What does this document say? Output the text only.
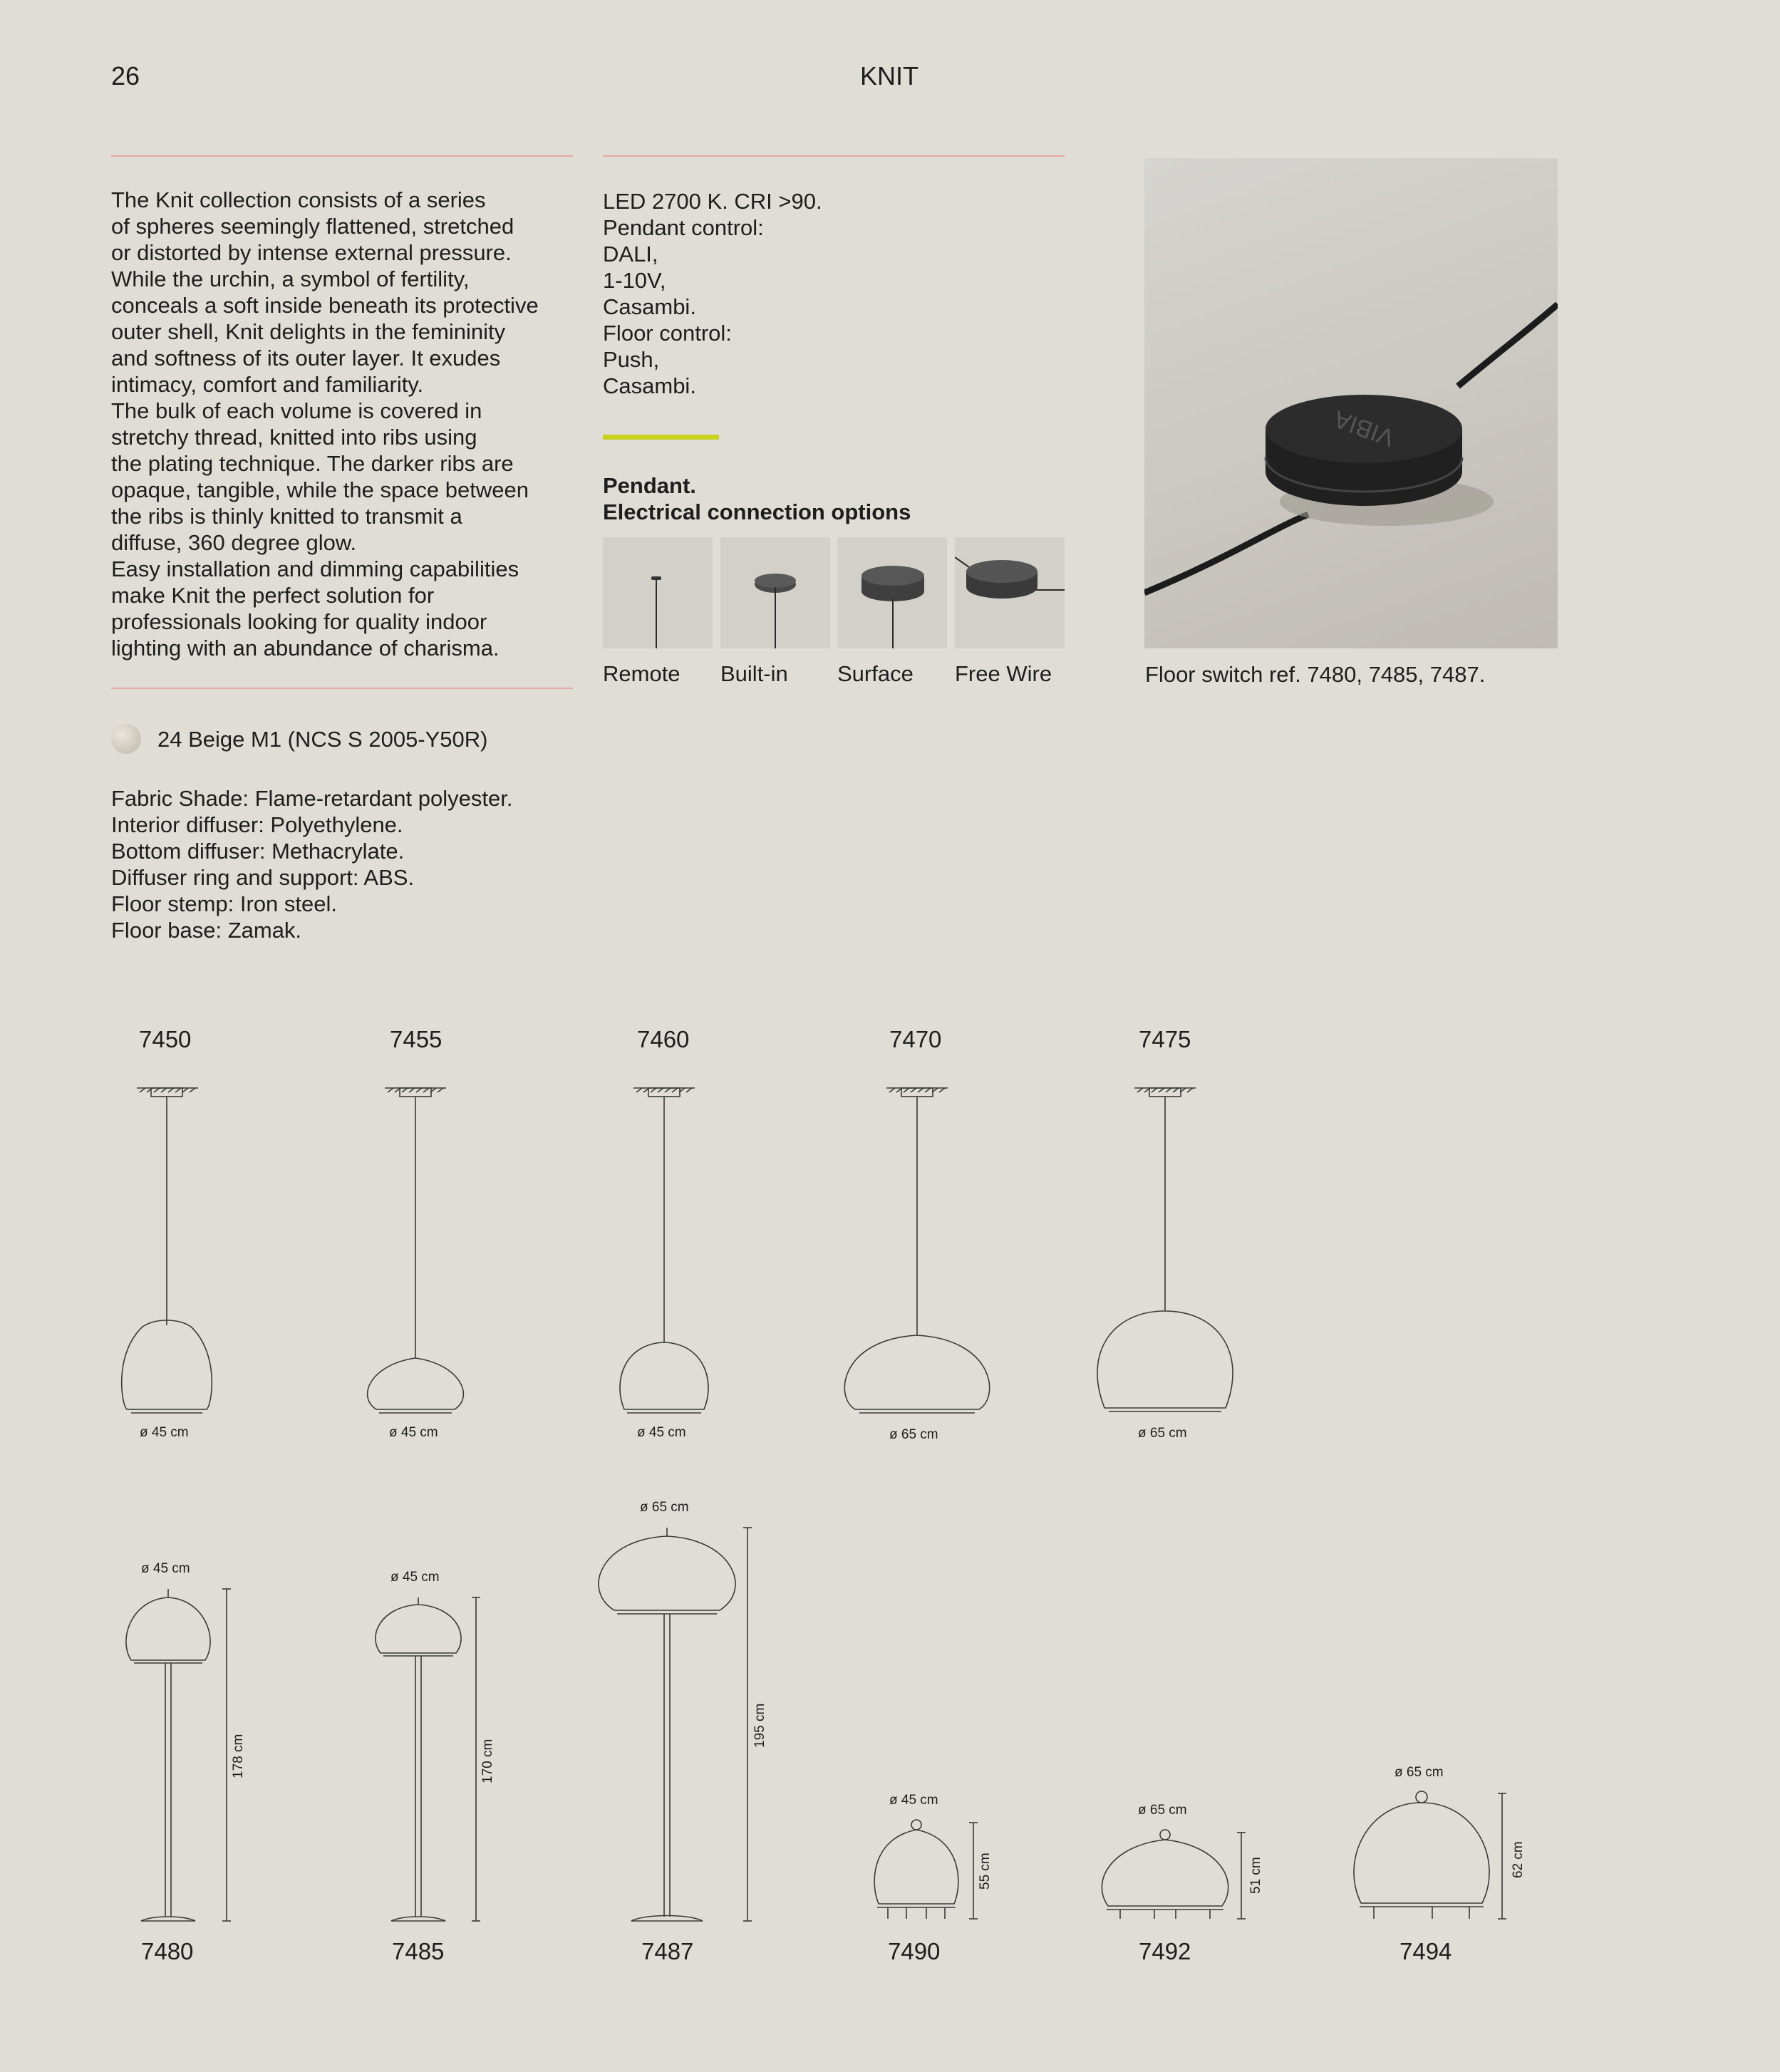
26	KNIT
The Knit collection consists of a series
of spheres seemingly flattened, stretched
or distorted by intense external pressure.
While the urchin, a symbol of fertility,
conceals a soft inside beneath its protective
outer shell, Knit delights in the femininity
and softness of its outer layer. It exudes
intimacy, comfort and familiarity.
The bulk of each volume is covered in
stretchy thread, knitted into ribs using
the plating technique. The darker ribs are
opaque, tangible, while the space between
the ribs is thinly knitted to transmit a
diffuse, 360 degree glow.
Easy installation and dimming capabilities
make Knit the perfect solution for
professionals looking for quality indoor
lighting with an abundance of charisma.
24 Beige M1 (NCS S 2005-Y50R)
Fabric Shade: Flame-retardant polyester.
Interior diffuser: Polyethylene.
Bottom diffuser: Methacrylate.
Diffuser ring and support: ABS.
Floor stemp: Iron steel.
Floor base: Zamak.
LED 2700 K. CRI >90.
Pendant control:
DALI,
1-10V,
Casambi.
Floor control:
Push,
Casambi.
Pendant.
Electrical connection options
Remote Built-in Surface Free Wire
VIBIA
Floor switch ref. 7480, 7485, 7487.
7450	7455	7460	7470	7475
ø 45 cm	ø 45 cm	ø 45 cm	ø 65 cm	ø 65 cm
ø 45 cm
ø 45 cm
ø 65 cm
178 cm	170 cm
195 cm
7480	7485	7487
ø 45 cm
ø 65 cm
ø 65 cm
55 cm	51 cm	62 cm
7490	7492	7494
